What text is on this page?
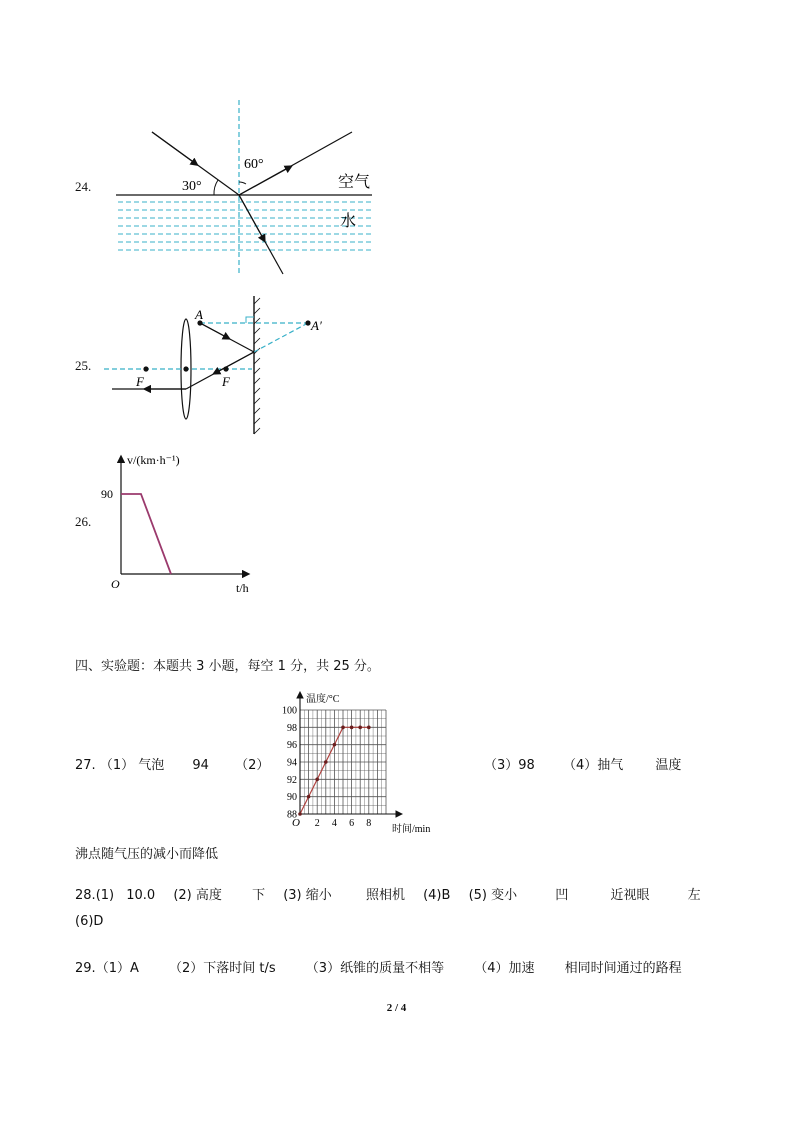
24.	30°
60°
空气
水
25.
A
A′
F	F
26.
v/(km·h⁻¹)
t/h
O
90
四、实验题：本题共 3 小题，每空 1 分，共 25 分。
27. （1） 气泡 94 （2）
88
90
92
94
96
98
100
2 4 6 8
温度/°C
时间/min
O
（3）98 （4）抽气 温度
沸点随气压的减小而降低
28.(1) 10.0 (2) 高度 下 (3) 缩小	照相机 (4)B (5) 变小	凹	近视眼	左
(6)D
29.（1）A （2）下落时间 t/s （3）纸锥的质量不相等 （4）加速 相同时间通过的路程
2 / 4
